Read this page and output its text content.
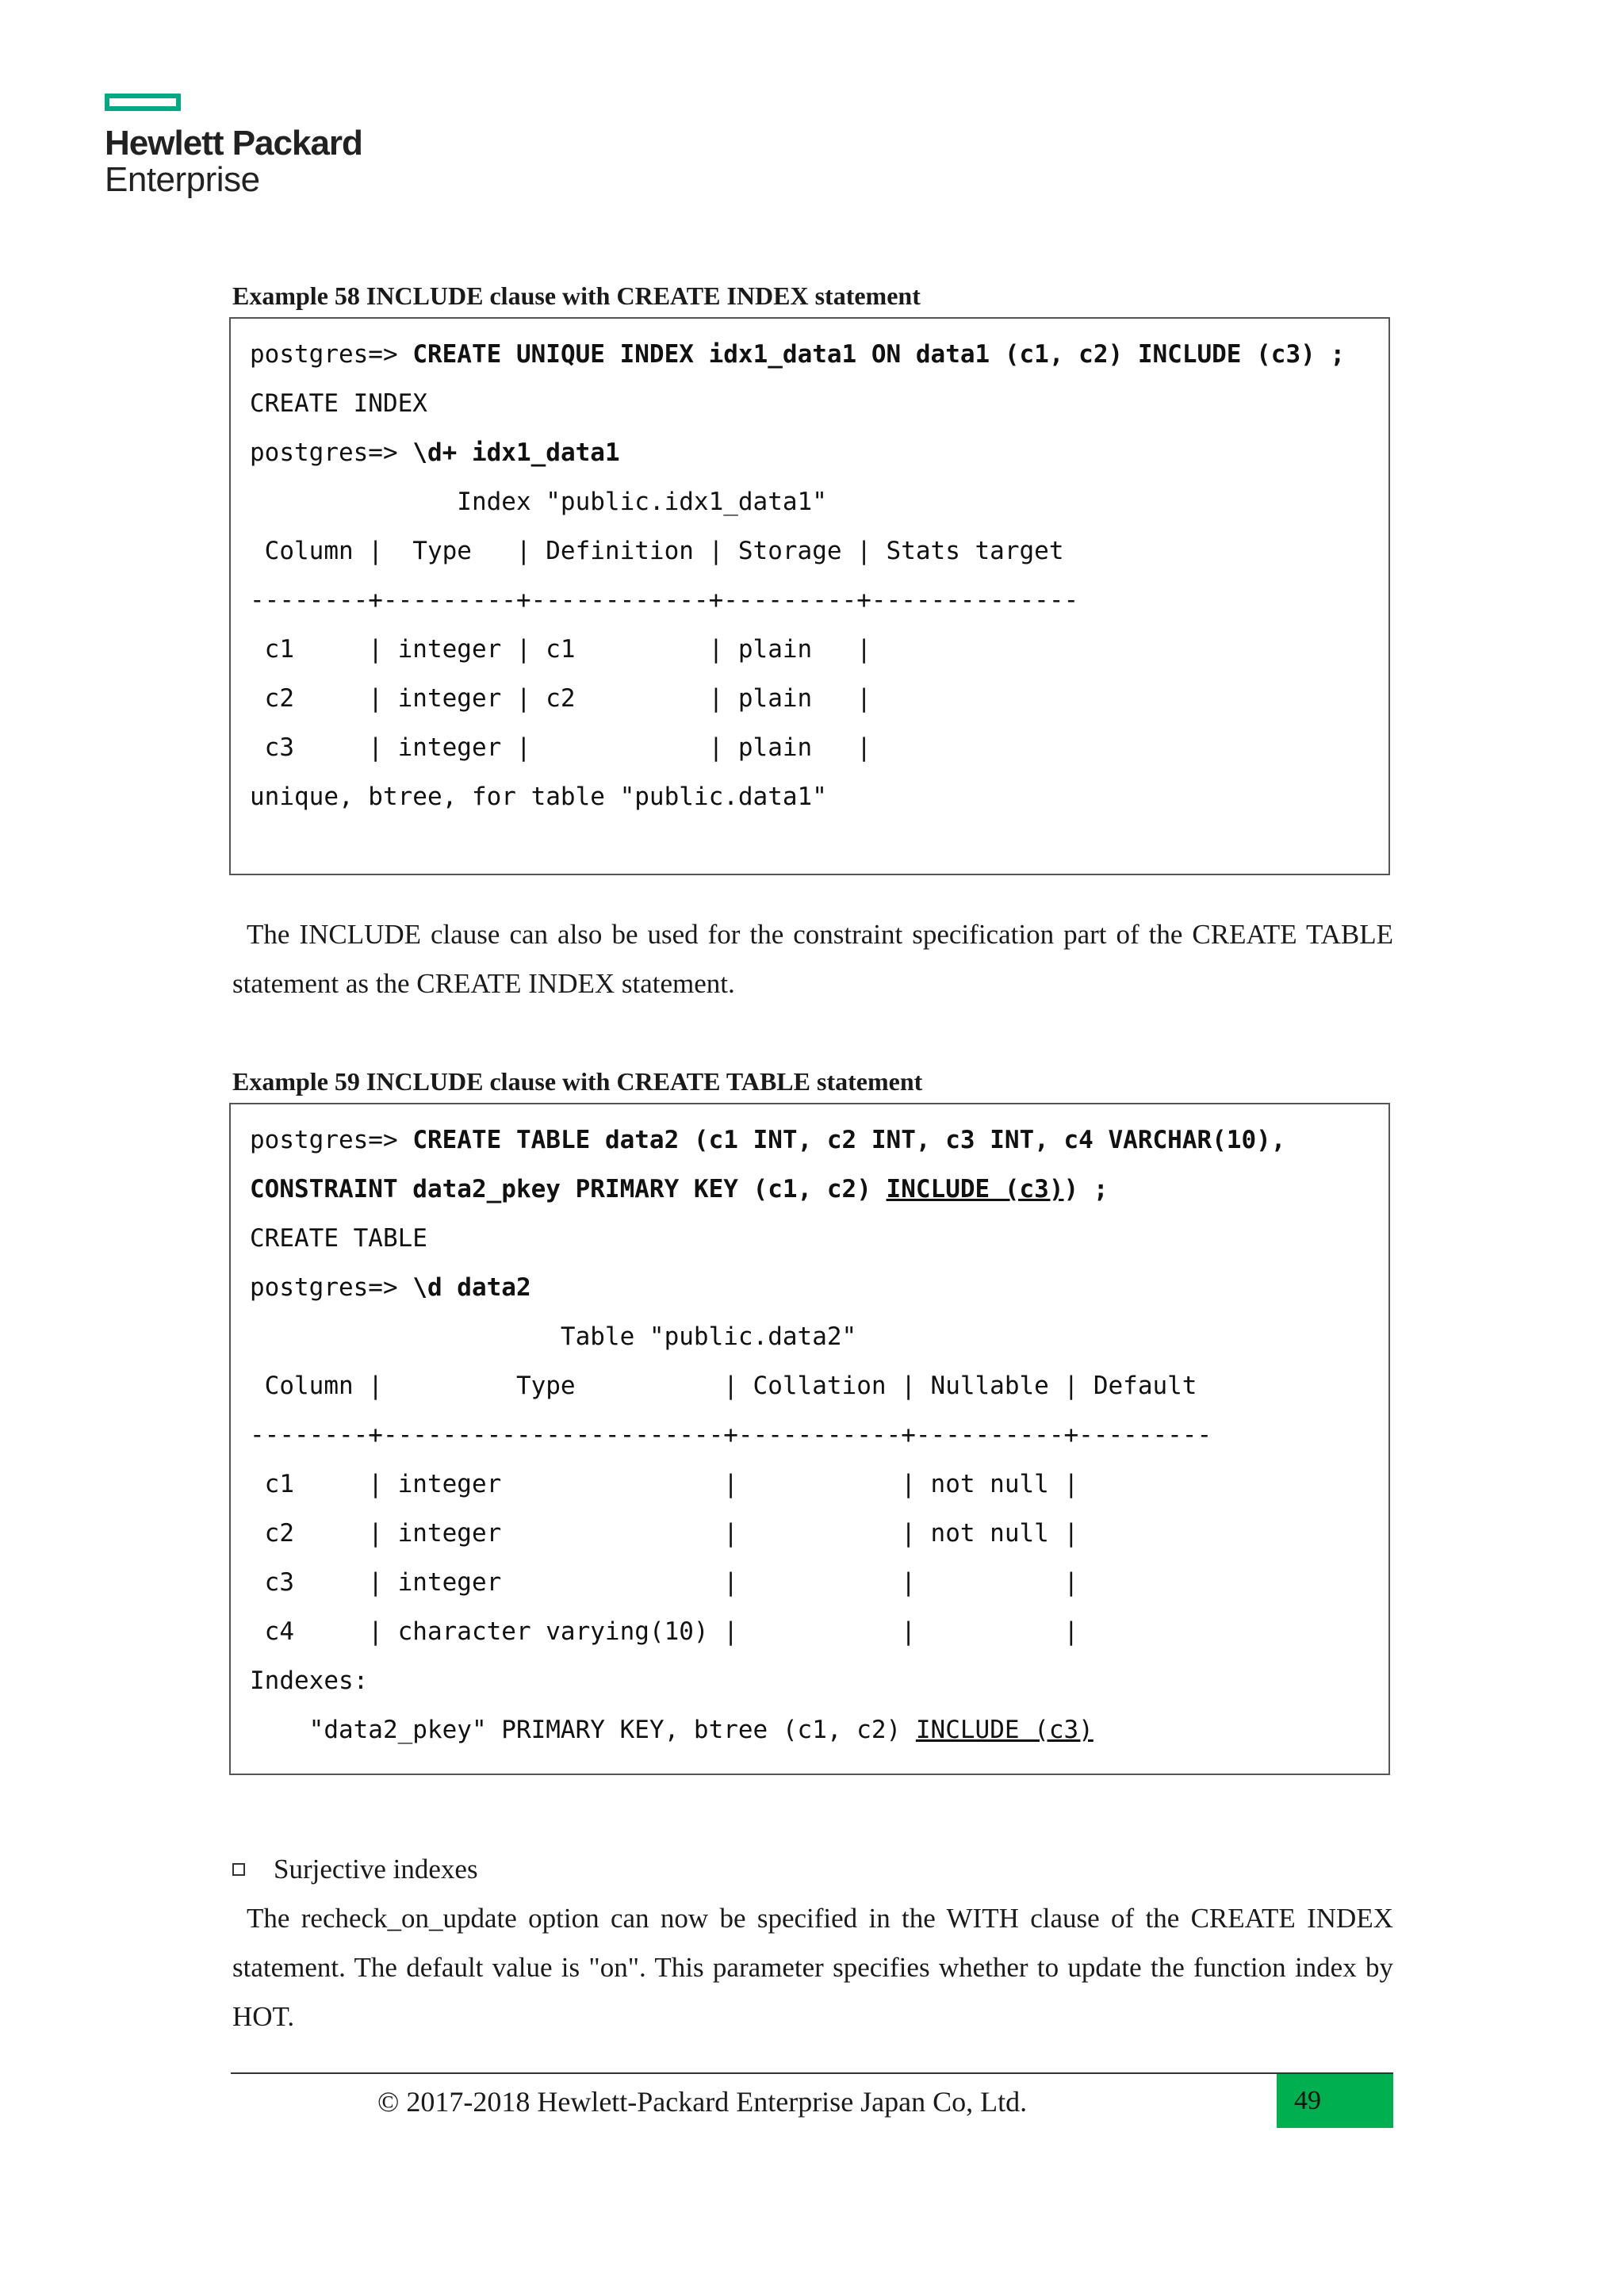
Hewlett Packard
Enterprise
Example 58 INCLUDE clause with CREATE INDEX statement
postgres=> CREATE UNIQUE INDEX idx1_data1 ON data1 (c1, c2) INCLUDE (c3) ;
CREATE INDEX
postgres=> \d+ idx1_data1
Index "public.idx1_data1"
Column |  Type   | Definition | Storage | Stats target
--------+---------+------------+---------+--------------
c1     | integer | c1         | plain   |
c2     | integer | c2         | plain   |
c3     | integer |            | plain   |
unique, btree, for table "public.data1"
The INCLUDE clause can also be used for the constraint specification part of the CREATE TABLE statement as the CREATE INDEX statement.
Example 59 INCLUDE clause with CREATE TABLE statement
postgres=> CREATE TABLE data2 (c1 INT, c2 INT, c3 INT, c4 VARCHAR(10),
CONSTRAINT data2_pkey PRIMARY KEY (c1, c2) INCLUDE (c3)) ;
CREATE TABLE
postgres=> \d data2
Table "public.data2"
Column |         Type          | Collation | Nullable | Default
--------+-----------------------+-----------+----------+---------
c1     | integer               |           | not null |
c2     | integer               |           | not null |
c3     | integer               |           |          |
c4     | character varying(10) |           |          |
Indexes:
"data2_pkey" PRIMARY KEY, btree (c1, c2) INCLUDE (c3)
Surjective indexes
The recheck_on_update option can now be specified in the WITH clause of the CREATE INDEX statement. The default value is "on". This parameter specifies whether to update the function index by HOT.
© 2017-2018 Hewlett-Packard Enterprise Japan Co, Ltd.	49
